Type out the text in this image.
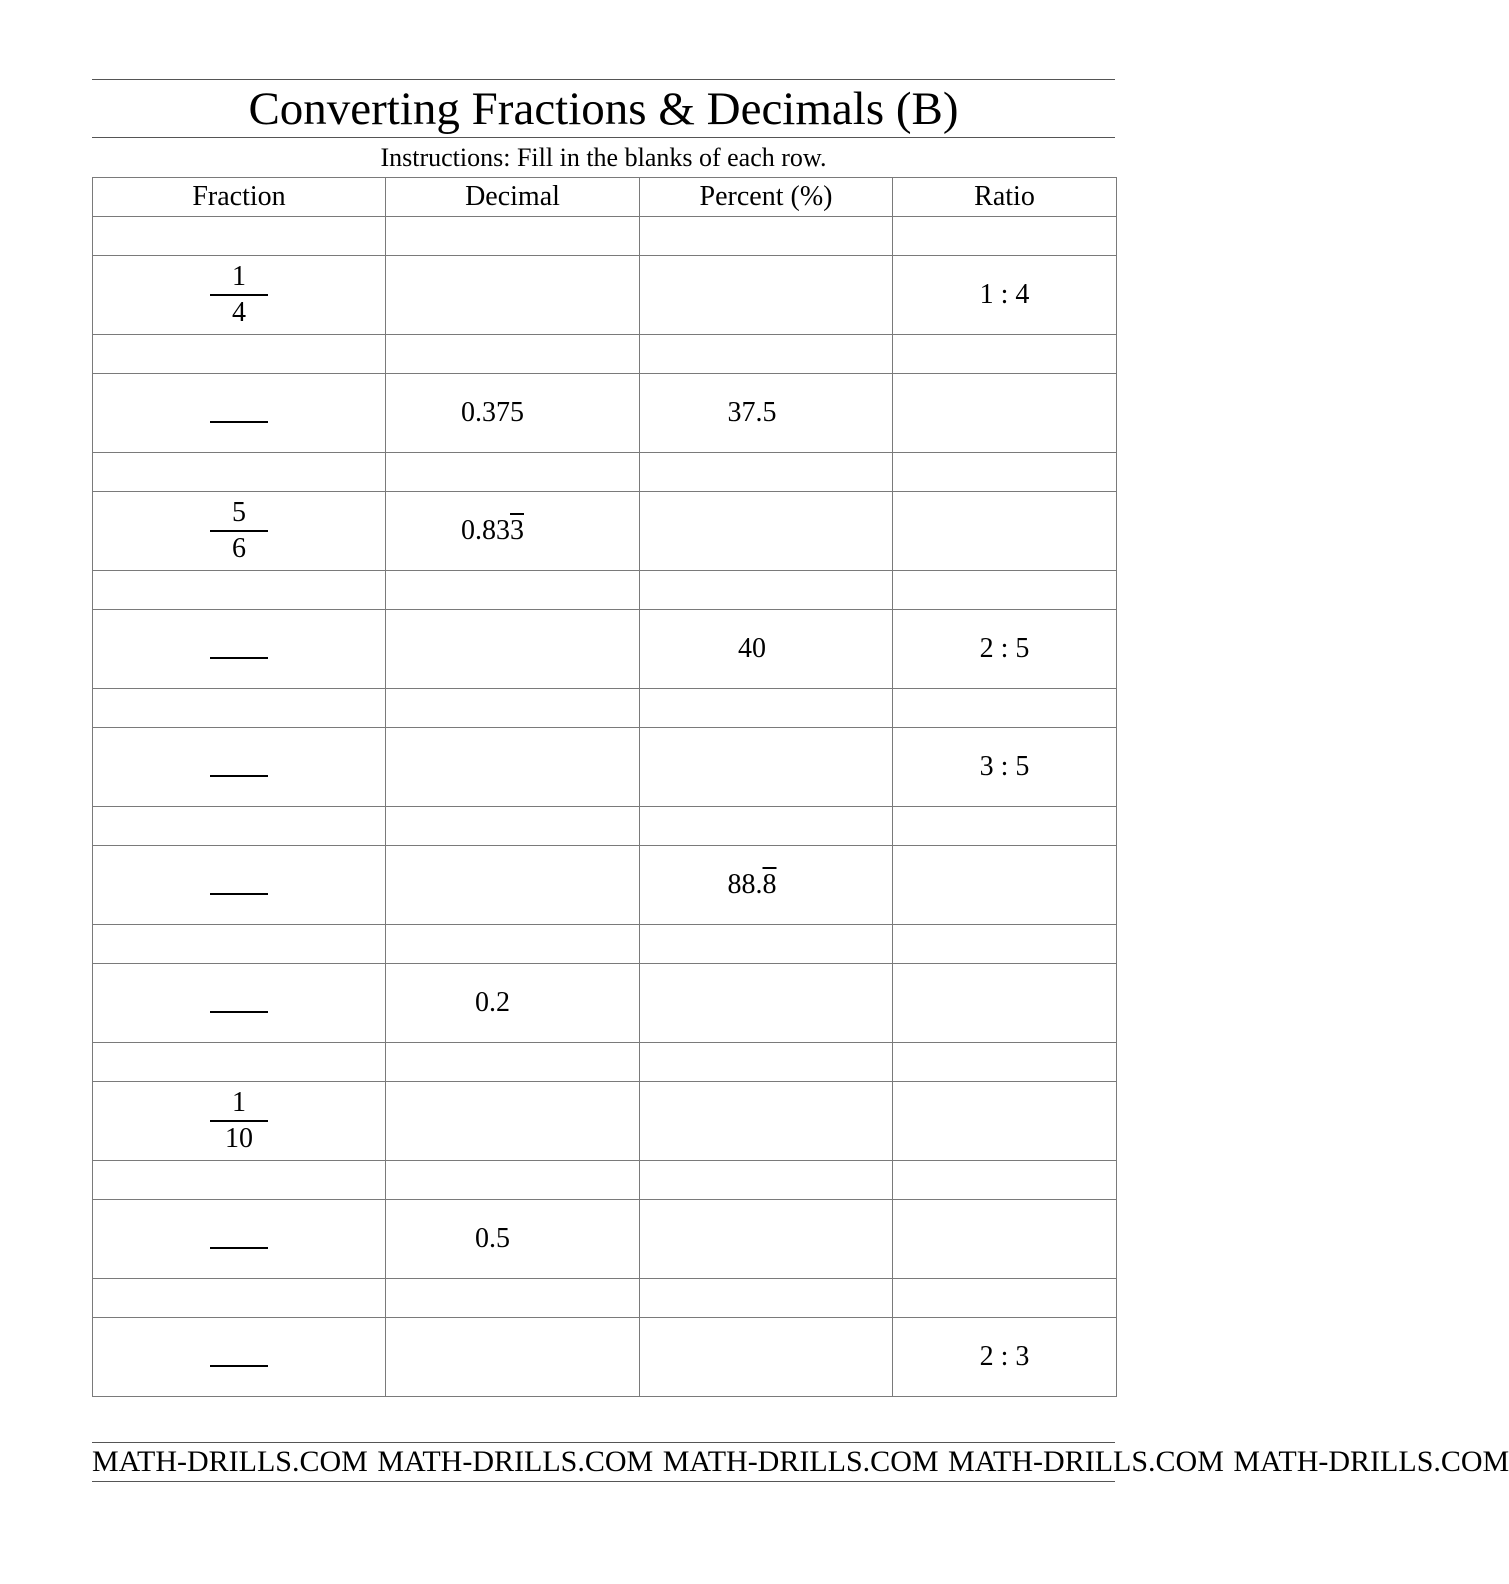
Converting Fractions & Decimals (B)
Instructions: Fill in the blanks of each row.
Fraction	Decimal	Percent (%)	Ratio

$\frac{1}{4}$			1 : 4

	0.375	37.5	

$\frac{5}{6}$	0.833		

		40	2 : 5

			3 : 5

		88.8	

	0.2		

$\frac{1}{10}$

	0.5		

			2 : 3
MATH-DRILLS.COM MATH-DRILLS.COM MATH-DRILLS.COM MATH-DRILLS.COM MATH-DRILLS.COM
